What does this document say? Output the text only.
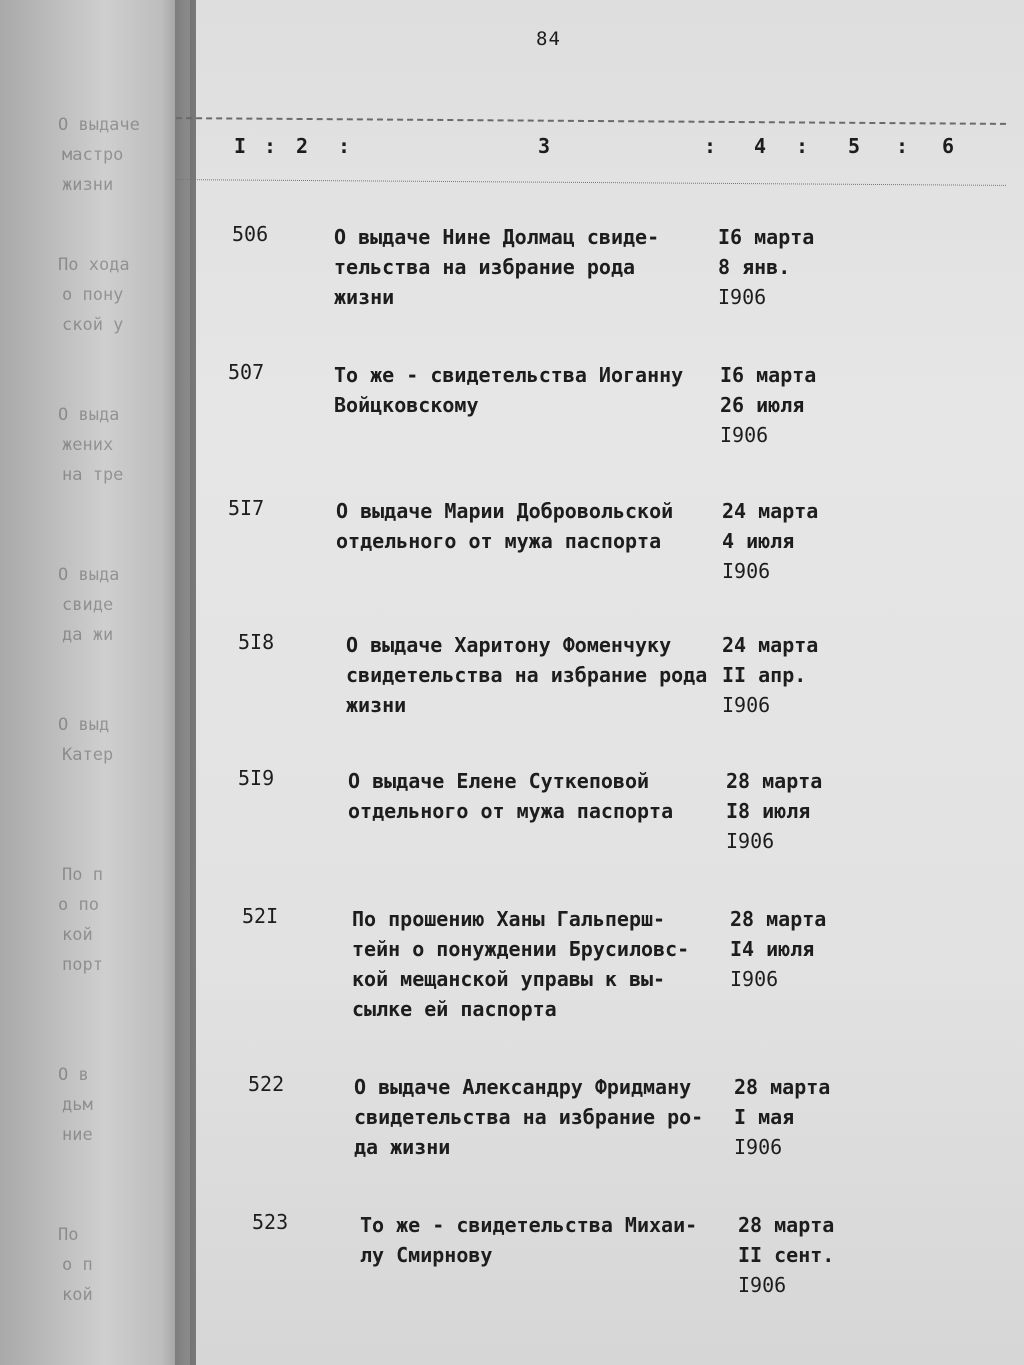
О выдаче
мастро
жизни
По хода
о пону
ской у
О выда
жених
на тре
О выда
свиде
да жи
О выд
Катер
По п
о по
кой
порт
О в
дьм
ние
По
о п
кой
84
I : 2 :	3	: 4 : 5 : 6
506	О выдаче Нине Долмац свиде-
тельства на избрание рода
жизни
I6 марта
8 янв.
I906
507	То же - свидетельства Иоганну
Войцковскому
I6 марта
26 июля
I906
5I7	О выдаче Марии Добровольской
отдельного от мужа паспорта
24 марта
4 июля
I906
5I8	О выдаче Харитону Фоменчуку
свидетельства на избрание рода
жизни
24 марта
II апр.
I906
5I9	О выдаче Елене Суткеповой
отдельного от мужа паспорта
28 марта
I8 июля
I906
52I	По прошению Ханы Гальперш-
тейн о понуждении Брусиловс-
кой мещанской управы к вы-
сылке ей паспорта
28 марта
I4 июля
I906
522	О выдаче Александру Фридману
свидетельства на избрание ро-
да жизни
28 марта
I мая
I906
523	То же - свидетельства Михаи-
лу Смирнову
28 марта
II сент.
I906
